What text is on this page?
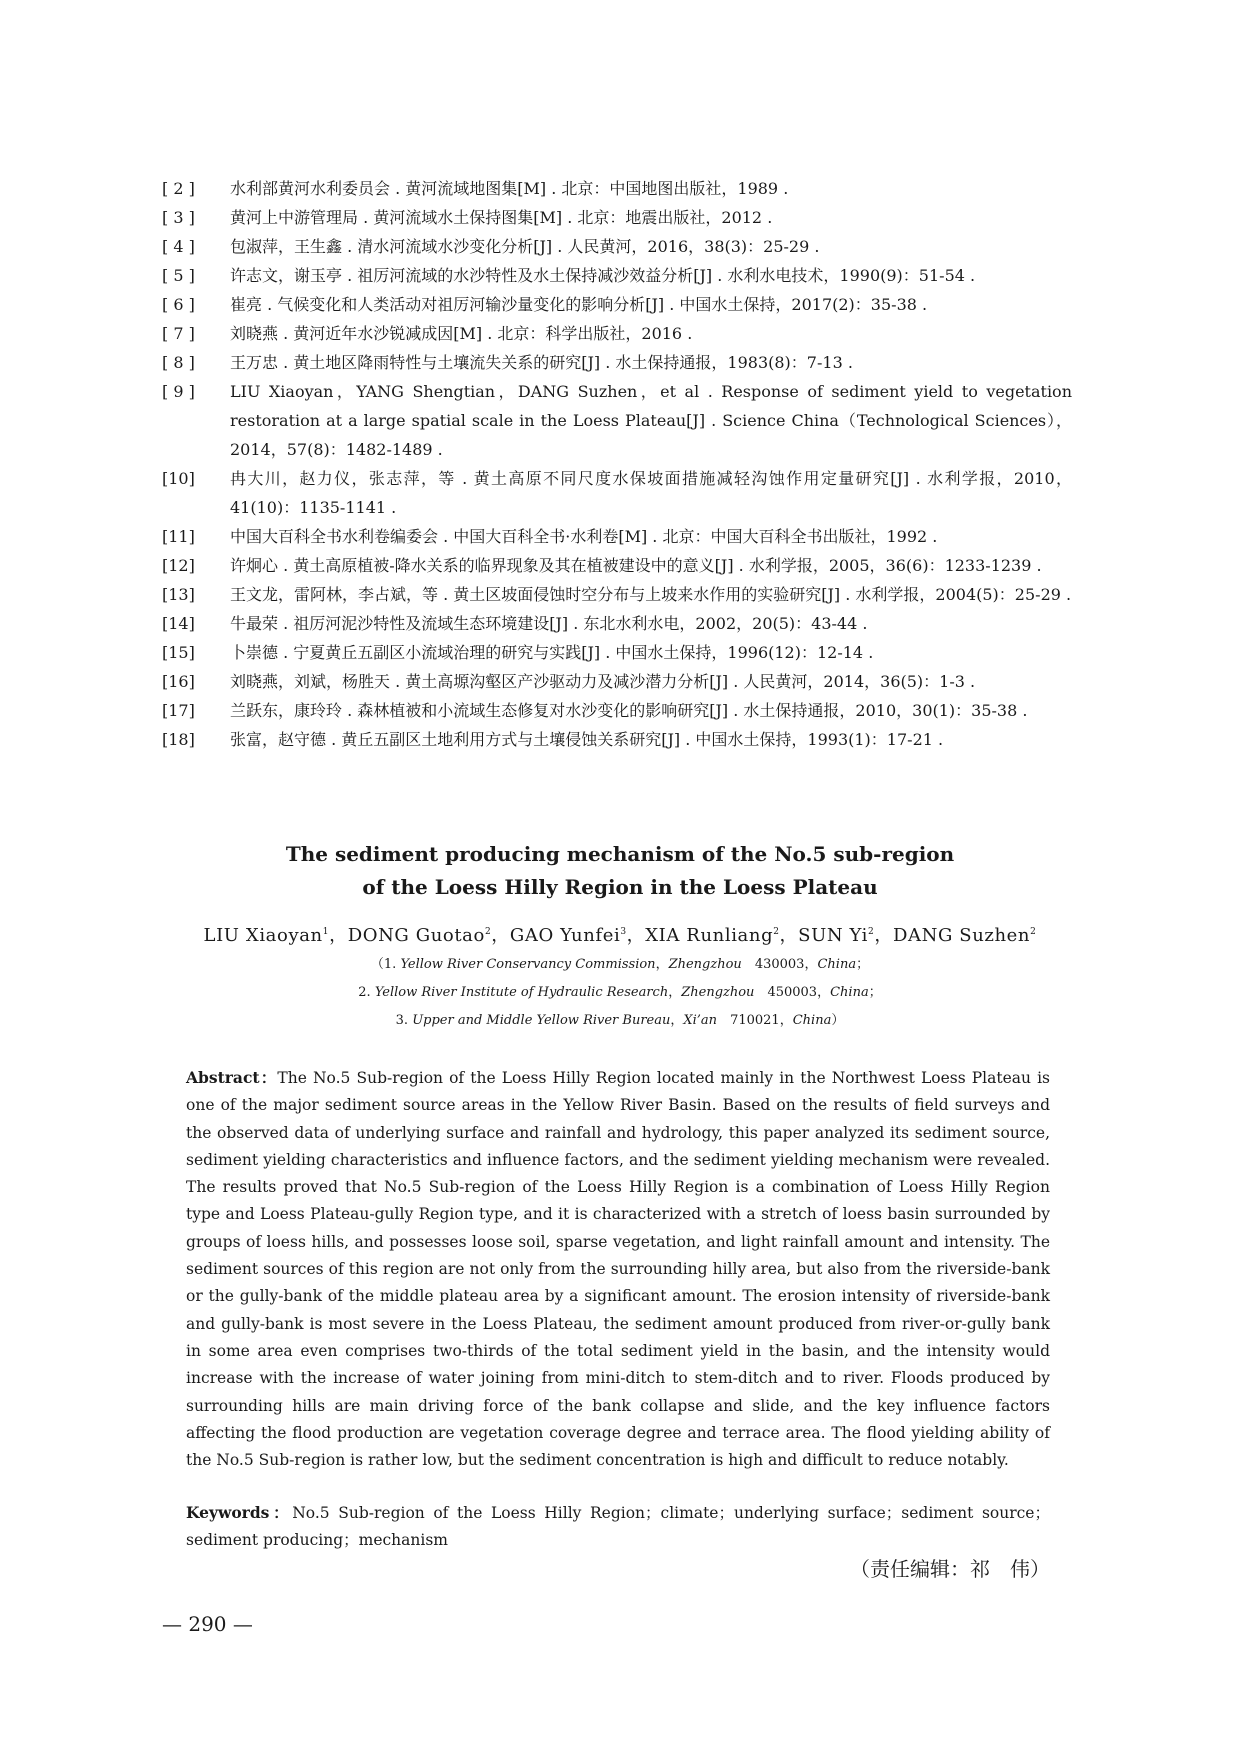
[ 2 ]	水利部黄河水利委员会 . 黄河流域地图集[M] . 北京：中国地图出版社，1989 .
[ 3 ]	黄河上中游管理局 . 黄河流域水土保持图集[M] . 北京：地震出版社，2012 .
[ 4 ]	包淑萍，王生鑫 . 清水河流域水沙变化分析[J] . 人民黄河，2016，38(3)：25-29 .
[ 5 ]	许志文，谢玉亭 . 祖厉河流域的水沙特性及水土保持减沙效益分析[J] . 水利水电技术，1990(9)：51-54 .
[ 6 ]	崔亮 . 气候变化和人类活动对祖厉河输沙量变化的影响分析[J] . 中国水土保持，2017(2)：35-38 .
[ 7 ]	刘晓燕 . 黄河近年水沙锐减成因[M] . 北京：科学出版社，2016 .
[ 8 ]	王万忠 . 黄土地区降雨特性与土壤流失关系的研究[J] . 水土保持通报，1983(8)：7-13 .
[ 9 ]	LIU Xiaoyan，YANG Shengtian，DANG Suzhen，et al . Response of sediment yield to vegetation restoration at a large spatial scale in the Loess Plateau[J] . Science China（Technological Sciences），2014，57(8)：1482-1489 .
[10]	冉大川，赵力仪，张志萍，等 . 黄土高原不同尺度水保坡面措施减轻沟蚀作用定量研究[J] . 水利学报，2010，41(10)：1135-1141 .
[11]	中国大百科全书水利卷编委会 . 中国大百科全书·水利卷[M] . 北京：中国大百科全书出版社，1992 .
[12]	许炯心 . 黄土高原植被-降水关系的临界现象及其在植被建设中的意义[J] . 水利学报，2005，36(6)：1233-1239 .
[13]	王文龙，雷阿林，李占斌，等 . 黄土区坡面侵蚀时空分布与上坡来水作用的实验研究[J] . 水利学报，2004(5)：25-29 .
[14]	牛最荣 . 祖厉河泥沙特性及流域生态环境建设[J] . 东北水利水电，2002，20(5)：43-44 .
[15]	卜崇德 . 宁夏黄丘五副区小流域治理的研究与实践[J] . 中国水土保持，1996(12)：12-14 .
[16]	刘晓燕，刘斌，杨胜天 . 黄土高塬沟壑区产沙驱动力及减沙潜力分析[J] . 人民黄河，2014，36(5)：1-3 .
[17]	兰跃东，康玲玲 . 森林植被和小流域生态修复对水沙变化的影响研究[J] . 水土保持通报，2010，30(1)：35-38 .
[18]	张富，赵守德 . 黄丘五副区土地利用方式与土壤侵蚀关系研究[J] . 中国水土保持，1993(1)：17-21 .
The sediment producing mechanism of the No.5 sub-region
of the Loess Hilly Region in the Loess Plateau
LIU Xiaoyan$^1$，DONG Guotao$^2$，GAO Yunfei$^3$，XIA Runliang$^2$，SUN Yi$^2$，DANG Suzhen$^2$
（1. Yellow River Conservancy Commission，Zhengzhou　 430003，China；
2. Yellow River Institute of Hydraulic Research，Zhengzhou　 450003，China；
3. Upper and Middle Yellow River Bureau，Xi’an　 710021，China）
Abstract：The No.5 Sub-region of the Loess Hilly Region located mainly in the Northwest Loess Plateau is one of the major sediment source areas in the Yellow River Basin. Based on the results of field surveys and the observed data of underlying surface and rainfall and hydrology, this paper analyzed its sediment source, sediment yielding characteristics and influence factors, and the sediment yielding mechanism were revealed. The results proved that No.5 Sub-region of the Loess Hilly Region is a combination of Loess Hilly Region type and Loess Plateau-gully Region type, and it is characterized with a stretch of loess basin surrounded by groups of loess hills, and possesses loose soil, sparse vegetation, and light rainfall amount and intensity. The sediment sources of this region are not only from the surrounding hilly area, but also from the riverside-bank or the gully-bank of the middle plateau area by a significant amount. The erosion intensity of riverside-bank and gully-bank is most severe in the Loess Plateau, the sediment amount produced from river-or-gully bank in some area even comprises two-thirds of the total sediment yield in the basin, and the intensity would increase with the increase of water joining from mini-ditch to stem-ditch and to river. Floods produced by surrounding hills are main driving force of the bank collapse and slide, and the key influence factors affecting the flood production are vegetation coverage degree and terrace area. The flood yielding ability of the No.5 Sub-region is rather low, but the sediment concentration is high and difficult to reduce notably.
Keywords：No.5 Sub-region of the Loess Hilly Region；climate；underlying surface；sediment source；sediment producing；mechanism
（责任编辑：祁　伟）
— 290 —
